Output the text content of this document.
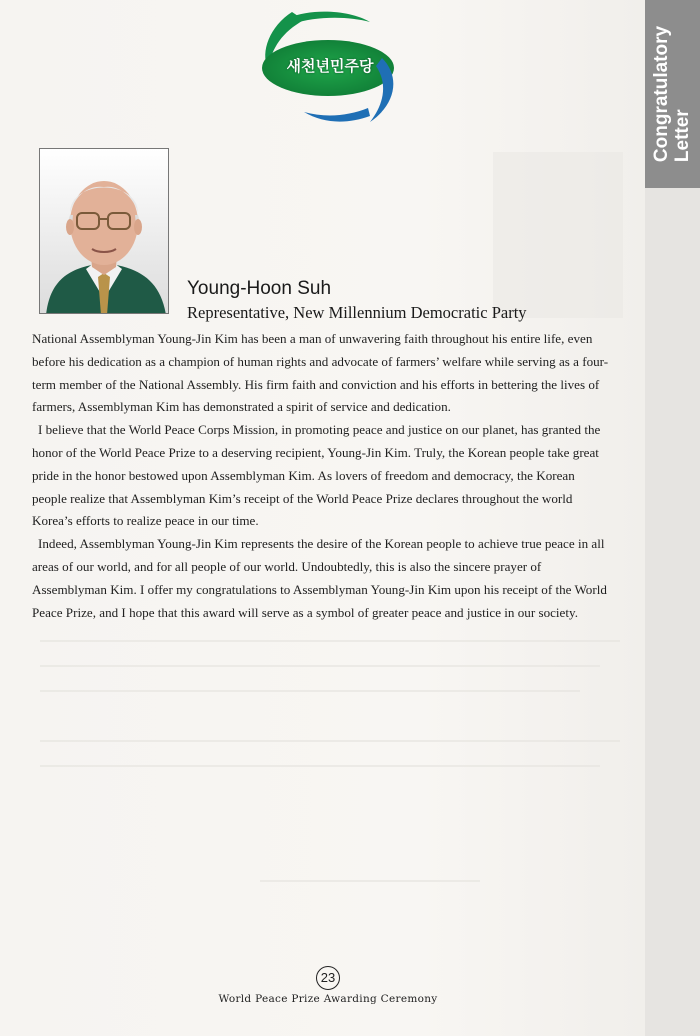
Congratulatory Letter
새천년민주당
Young-Hoon Suh
Representative, New Millennium Democratic Party

National Assemblyman Young-Jin Kim has been a man of unwavering faith throughout his entire life, even before his dedication as a champion of human rights and advocate of farmers’ welfare while serving as a four-term member of the National Assembly. His firm faith and conviction and his efforts in bettering the lives of farmers, Assemblyman Kim has demonstrated a spirit of service and dedication.

I believe that the World Peace Corps Mission, in promoting peace and justice on our planet, has granted the honor of the World Peace Prize to a deserving recipient, Young-Jin Kim. Truly, the Korean people take great pride in the honor bestowed upon Assemblyman Kim. As lovers of freedom and democracy, the Korean people realize that Assemblyman Kim’s receipt of the World Peace Prize declares throughout the world Korea’s efforts to realize peace in our time.

Indeed, Assemblyman Young-Jin Kim represents the desire of the Korean people to achieve true peace in all areas of our world, and for all people of our world. Undoubtedly, this is also the sincere prayer of Assemblyman Kim. I offer my congratulations to Assemblyman Young-Jin Kim upon his receipt of the World Peace Prize, and I hope that this award will serve as a symbol of greater peace and justice in our society.

23
World Peace Prize Awarding Ceremony
